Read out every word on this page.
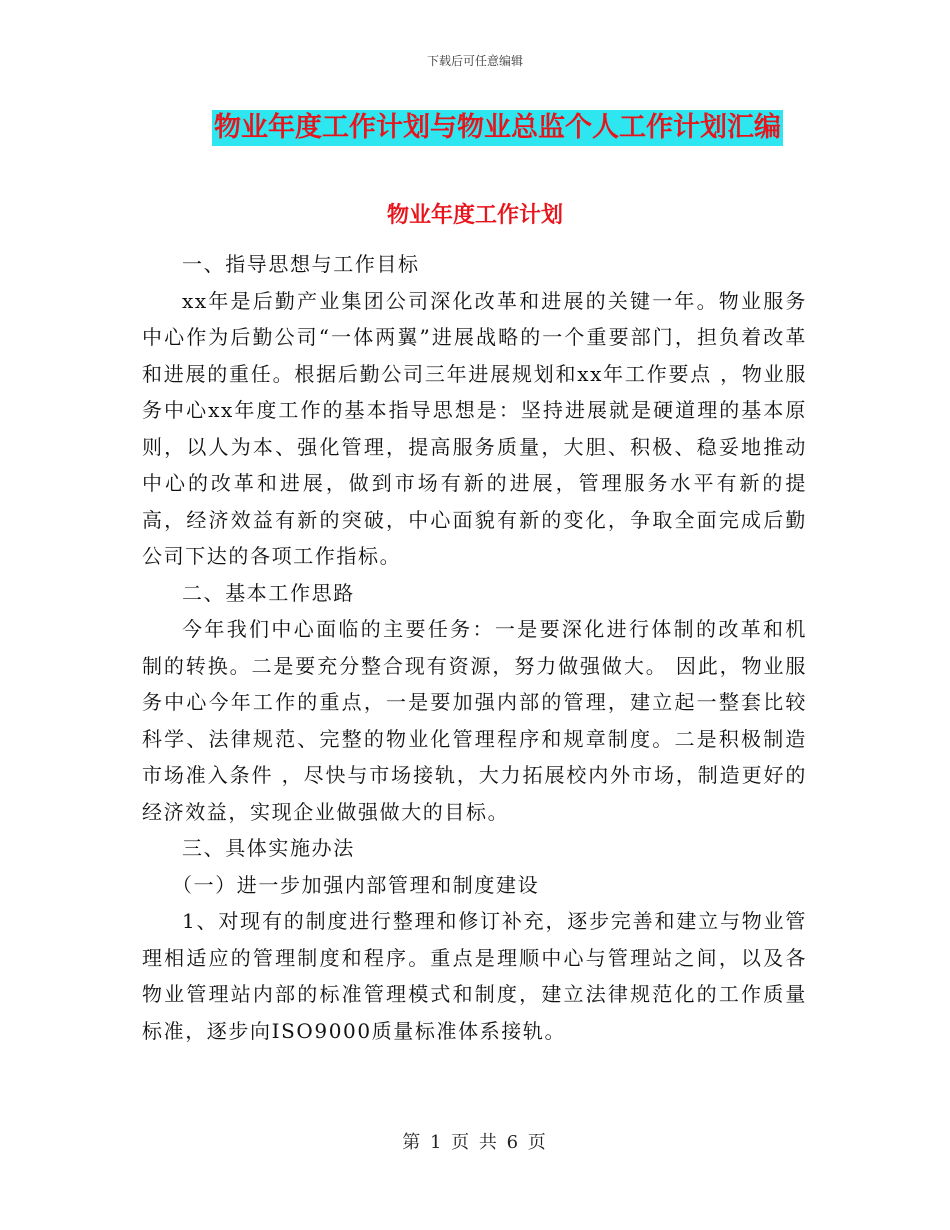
下载后可任意编辑
物业年度工作计划与物业总监个人工作计划汇编
物业年度工作计划

一、指导思想与工作目标

xx年是后勤产业集团公司深化改革和进展的关键一年。物业服务中心作为后勤公司“一体两翼”进展战略的一个重要部门，担负着改革和进展的重任。根据后勤公司三年进展规划和xx年工作要点 ，物业服务中心xx年度工作的基本指导思想是：坚持进展就是硬道理的基本原则，以人为本、强化管理，提高服务质量，大胆、积极、稳妥地推动中心的改革和进展，做到市场有新的进展，管理服务水平有新的提高，经济效益有新的突破，中心面貌有新的变化，争取全面完成后勤公司下达的各项工作指标。

二、基本工作思路

今年我们中心面临的主要任务：一是要深化进行体制的改革和机制的转换。二是要充分整合现有资源，努力做强做大。 因此，物业服务中心今年工作的重点，一是要加强内部的管理，建立起一整套比较科学、法律规范、完整的物业化管理程序和规章制度。二是积极制造市场准入条件 ，尽快与市场接轨，大力拓展校内外市场，制造更好的经济效益，实现企业做强做大的目标。

三、具体实施办法

（一）进一步加强内部管理和制度建设

1、对现有的制度进行整理和修订补充，逐步完善和建立与物业管理相适应的管理制度和程序。重点是理顺中心与管理站之间，以及各物业管理站内部的标准管理模式和制度，建立法律规范化的工作质量标准，逐步向ISO9000质量标准体系接轨。

第 1 页 共 6 页
